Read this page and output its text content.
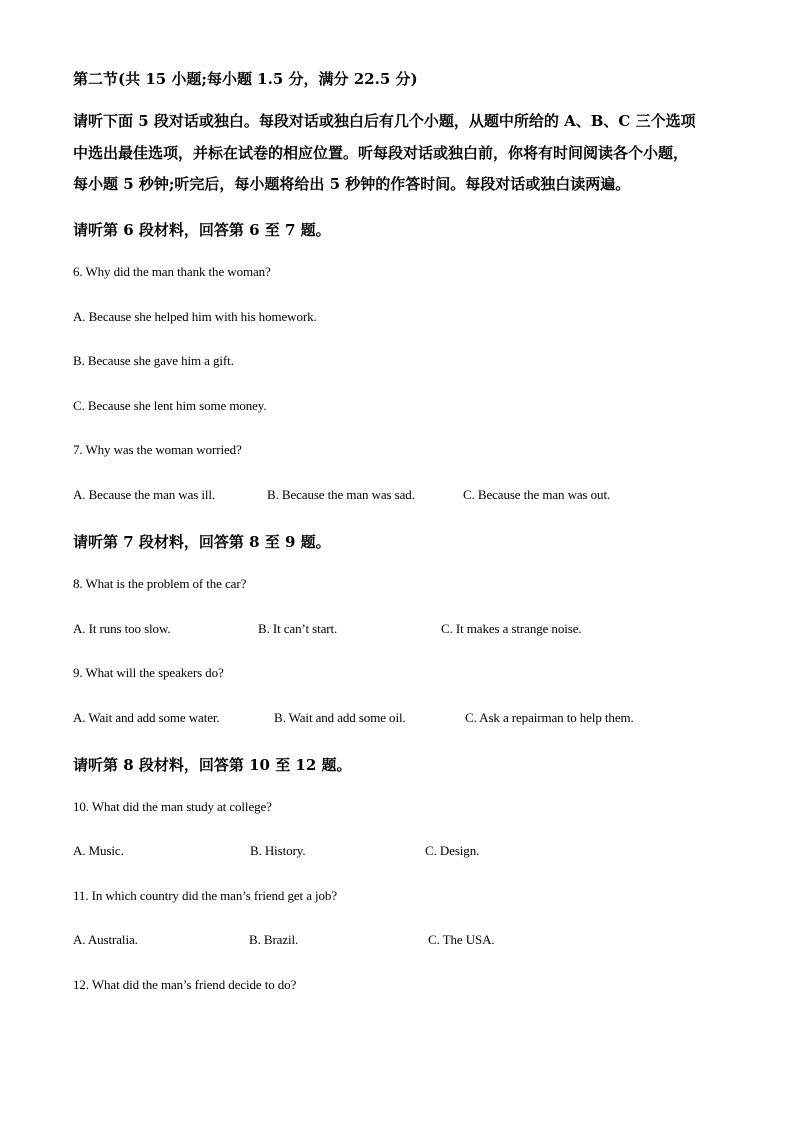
第二节(共 15 小题;每小题 1.5 分，满分 22.5 分)
请听下面 5 段对话或独白。每段对话或独白后有几个小题，从题中所给的 A、B、C 三个选项
中选出最佳选项，并标在试卷的相应位置。听每段对话或独白前，你将有时间阅读各个小题，
每小题 5 秒钟;听完后，每小题将给出 5 秒钟的作答时间。每段对话或独白读两遍。
请听第 6 段材料，回答第 6 至 7 题。
6. Why did the man thank the woman?
A. Because she helped him with his homework.
B. Because she gave him a gift.
C. Because she lent him some money.
7. Why was the woman worried?
A. Because the man was ill.	B. Because the man was sad.	C. Because the man was out.
请听第 7 段材料，回答第 8 至 9 题。
8. What is the problem of the car?
A. It runs too slow.	B. It can’t start.	C. It makes a strange noise.
9. What will the speakers do?
A. Wait and add some water.	B. Wait and add some oil.	C. Ask a repairman to help them.
请听第 8 段材料，回答第 10 至 12 题。
10. What did the man study at college?
A. Music.	B. History.	C. Design.
11. In which country did the man’s friend get a job?
A. Australia.	B. Brazil.	C. The USA.
12. What did the man’s friend decide to do?
